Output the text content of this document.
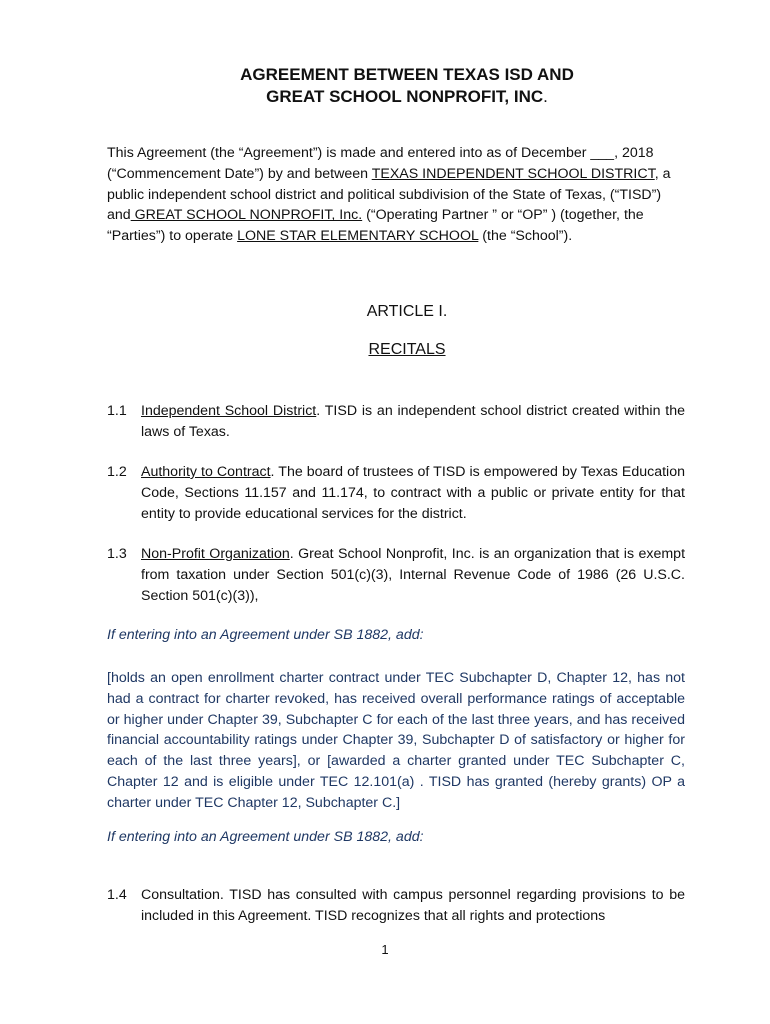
AGREEMENT BETWEEN TEXAS ISD AND
GREAT SCHOOL NONPROFIT, INC.
This Agreement (the “Agreement”) is made and entered into as of December ___, 2018 (“Commencement Date”) by and between TEXAS INDEPENDENT SCHOOL DISTRICT, a public independent school district and political subdivision of the State of Texas, (“TISD”) and GREAT SCHOOL NONPROFIT, Inc. (“Operating Partner ” or “OP” ) (together, the “Parties”) to operate LONE STAR ELEMENTARY SCHOOL (the “School”).
ARTICLE I.
RECITALS
1.1	Independent School District. TISD is an independent school district created within the laws of Texas.
1.2	Authority to Contract. The board of trustees of TISD is empowered by Texas Education Code, Sections 11.157 and 11.174, to contract with a public or private entity for that entity to provide educational services for the district.
1.3	Non-Profit Organization. Great School Nonprofit, Inc. is an organization that is exempt from taxation under Section 501(c)(3), Internal Revenue Code of 1986 (26 U.S.C. Section 501(c)(3)),
If entering into an Agreement under SB 1882, add:
[holds an open enrollment charter contract under TEC Subchapter D, Chapter 12, has not had a contract for charter revoked, has received overall performance ratings of acceptable or higher under Chapter 39, Subchapter C for each of the last three years, and has received financial accountability ratings under Chapter 39, Subchapter D of satisfactory or higher for each of the last three years], or [awarded a charter granted under TEC Subchapter C, Chapter 12 and is eligible under TEC 12.101(a) . TISD has granted (hereby grants) OP a charter under TEC Chapter 12, Subchapter C.]
If entering into an Agreement under SB 1882, add:
1.4	Consultation. TISD has consulted with campus personnel regarding provisions to be included in this Agreement. TISD recognizes that all rights and protections
1
